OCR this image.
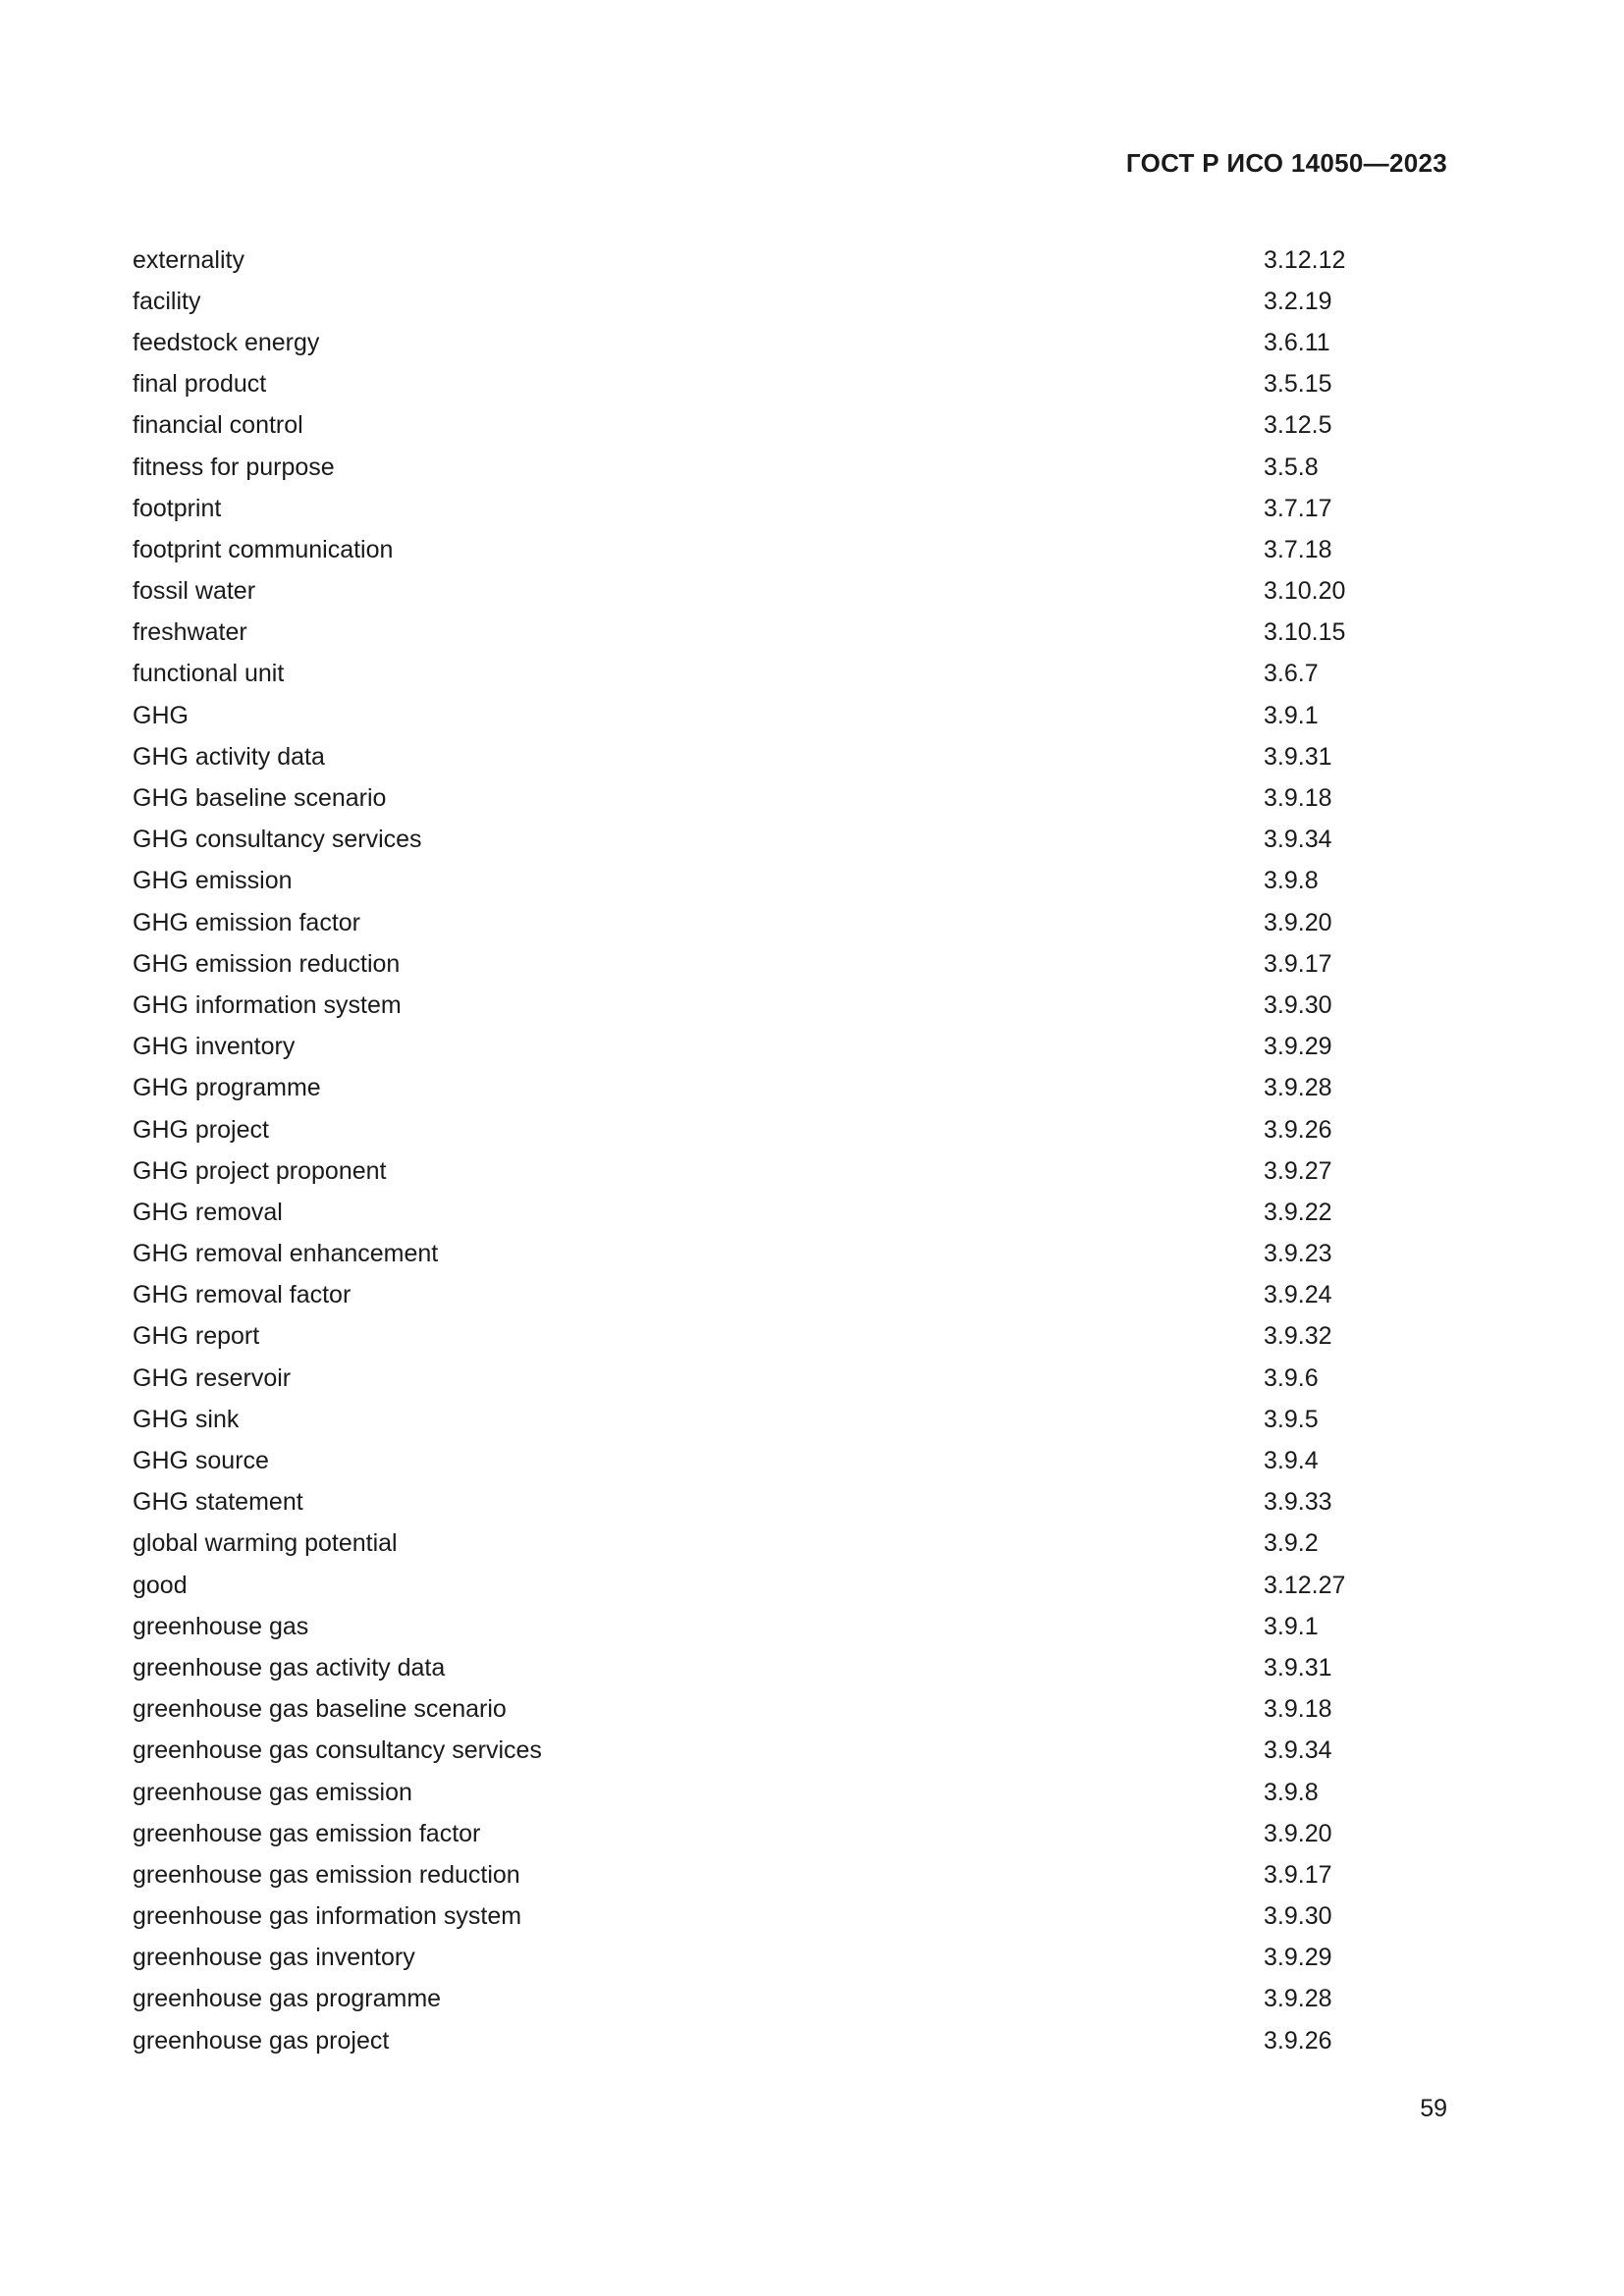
ГОСТ Р ИСО 14050—2023
externality	3.12.12
facility	3.2.19
feedstock energy	3.6.11
final product	3.5.15
financial control	3.12.5
fitness for purpose	3.5.8
footprint	3.7.17
footprint communication	3.7.18
fossil water	3.10.20
freshwater	3.10.15
functional unit	3.6.7
GHG	3.9.1
GHG activity data	3.9.31
GHG baseline scenario	3.9.18
GHG consultancy services	3.9.34
GHG emission	3.9.8
GHG emission factor	3.9.20
GHG emission reduction	3.9.17
GHG information system	3.9.30
GHG inventory	3.9.29
GHG programme	3.9.28
GHG project	3.9.26
GHG project proponent	3.9.27
GHG removal	3.9.22
GHG removal enhancement	3.9.23
GHG removal factor	3.9.24
GHG report	3.9.32
GHG reservoir	3.9.6
GHG sink	3.9.5
GHG source	3.9.4
GHG statement	3.9.33
global warming potential	3.9.2
good	3.12.27
greenhouse gas	3.9.1
greenhouse gas activity data	3.9.31
greenhouse gas baseline scenario	3.9.18
greenhouse gas consultancy services	3.9.34
greenhouse gas emission	3.9.8
greenhouse gas emission factor	3.9.20
greenhouse gas emission reduction	3.9.17
greenhouse gas information system	3.9.30
greenhouse gas inventory	3.9.29
greenhouse gas programme	3.9.28
greenhouse gas project	3.9.26
59
